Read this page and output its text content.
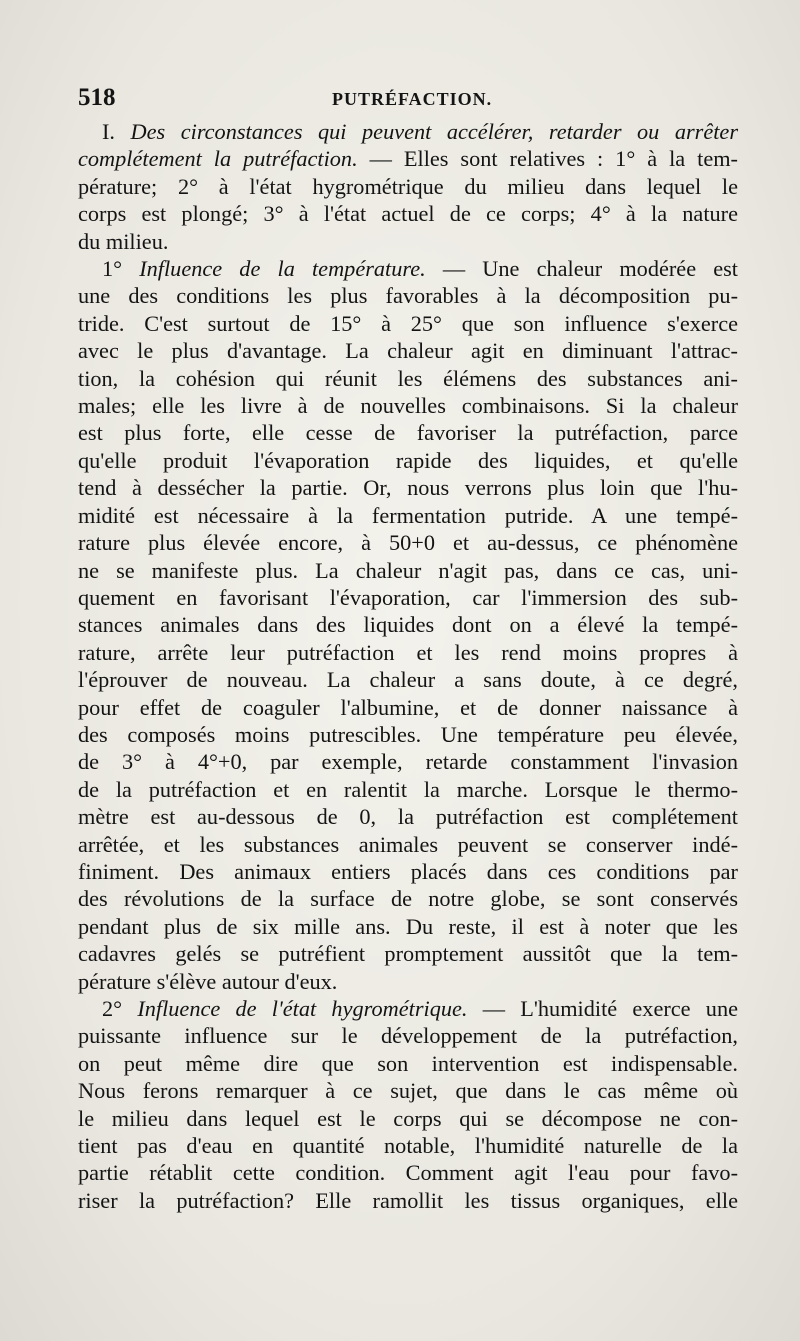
518	PUTRÉFACTION.
I. Des circonstances qui peuvent accélérer, retarder ou arrêter
complétement la putréfaction. — Elles sont relatives : 1° à la tem-
pérature; 2° à l'état hygrométrique du milieu dans lequel le
corps est plongé; 3° à l'état actuel de ce corps; 4° à la nature
du milieu.
1° Influence de la température. — Une chaleur modérée est
une des conditions les plus favorables à la décomposition pu-
tride. C'est surtout de 15° à 25° que son influence s'exerce
avec le plus d'avantage. La chaleur agit en diminuant l'attrac-
tion, la cohésion qui réunit les élémens des substances ani-
males; elle les livre à de nouvelles combinaisons. Si la chaleur
est plus forte, elle cesse de favoriser la putréfaction, parce
qu'elle produit l'évaporation rapide des liquides, et qu'elle
tend à dessécher la partie. Or, nous verrons plus loin que l'hu-
midité est nécessaire à la fermentation putride. A une tempé-
rature plus élevée encore, à 50+0 et au-dessus, ce phénomène
ne se manifeste plus. La chaleur n'agit pas, dans ce cas, uni-
quement en favorisant l'évaporation, car l'immersion des sub-
stances animales dans des liquides dont on a élevé la tempé-
rature, arrête leur putréfaction et les rend moins propres à
l'éprouver de nouveau. La chaleur a sans doute, à ce degré,
pour effet de coaguler l'albumine, et de donner naissance à
des composés moins putrescibles. Une température peu élevée,
de 3° à 4°+0, par exemple, retarde constamment l'invasion
de la putréfaction et en ralentit la marche. Lorsque le thermo-
mètre est au-dessous de 0, la putréfaction est complétement
arrêtée, et les substances animales peuvent se conserver indé-
finiment. Des animaux entiers placés dans ces conditions par
des révolutions de la surface de notre globe, se sont conservés
pendant plus de six mille ans. Du reste, il est à noter que les
cadavres gelés se putréfient promptement aussitôt que la tem-
pérature s'élève autour d'eux.
2° Influence de l'état hygrométrique. — L'humidité exerce une
puissante influence sur le développement de la putréfaction,
on peut même dire que son intervention est indispensable.
Nous ferons remarquer à ce sujet, que dans le cas même où
le milieu dans lequel est le corps qui se décompose ne con-
tient pas d'eau en quantité notable, l'humidité naturelle de la
partie rétablit cette condition. Comment agit l'eau pour favo-
riser la putréfaction? Elle ramollit les tissus organiques, elle
